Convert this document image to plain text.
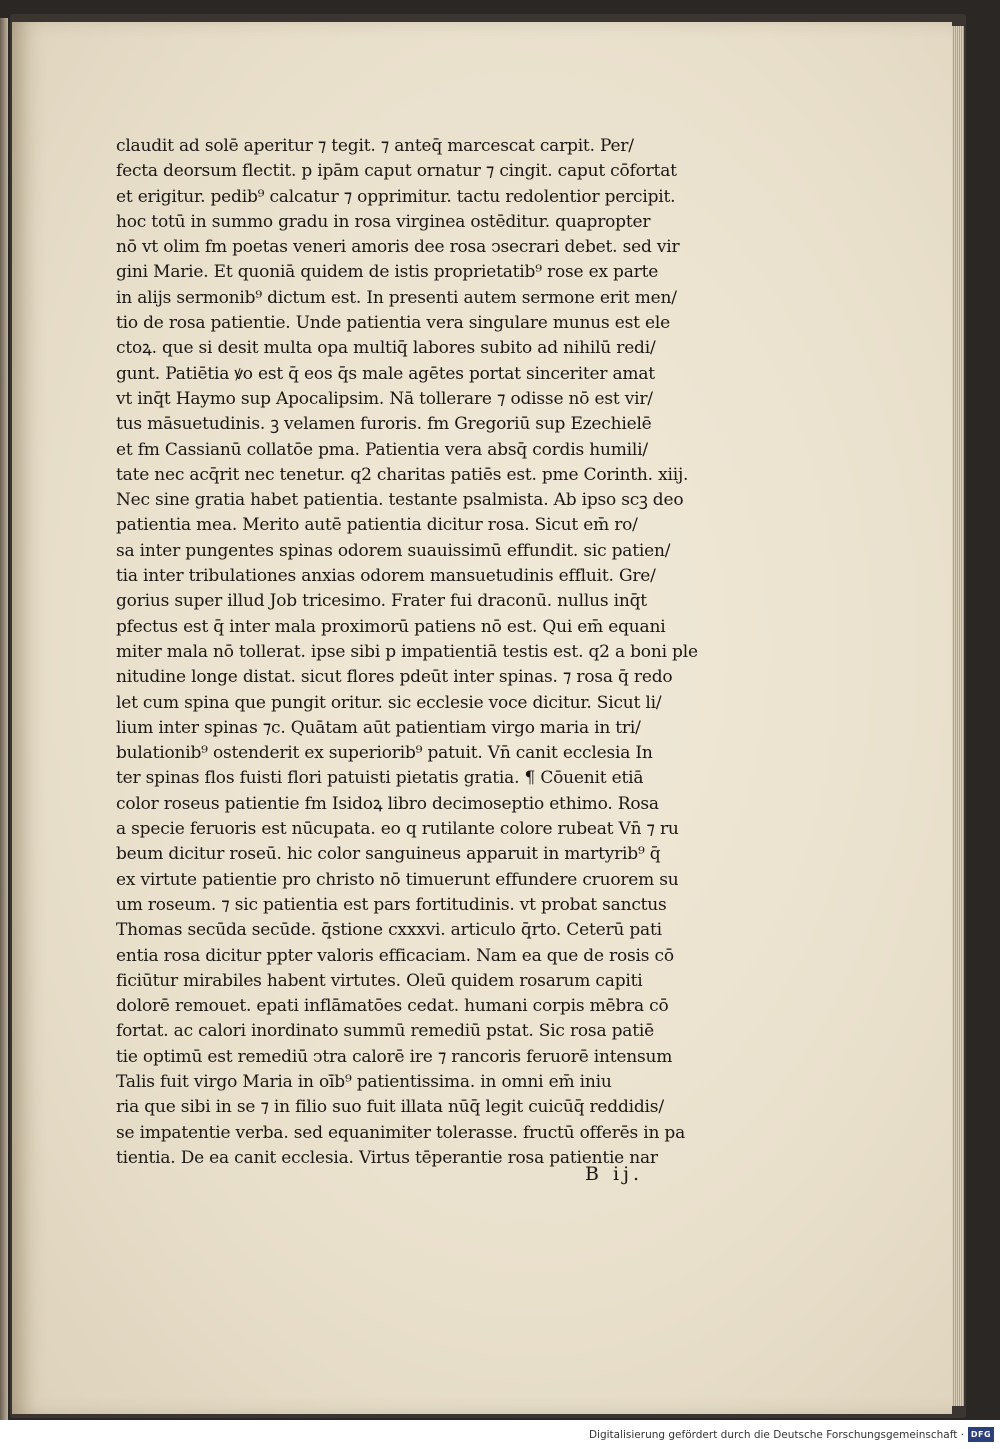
claudit ad solē aperitur ⁊ tegit. ⁊ anteq̄ marcescat carpit. Per/
fecta deorsum flectit. p ipām caput ornatur ⁊ cingit. caput cōfortat
et erigitur. pedib⁹ calcatur ⁊ opprimitur. tactu redolentior percipit.
hoc totū in summo gradu in rosa virginea ostēditur. quapropter
nō vt olim fm poetas veneri amoris dee rosa ↄsecrari debet. sed vir
gini Marie. Et quoniā quidem de istis proprietatib⁹ rose ex parte
in alijs sermonib⁹ dictum est. In presenti autem sermone erit men/
tio de rosa patientie. Unde patientia vera singulare munus est ele
ctoꝝ. que si desit multa opa multiq̄ labores subito ad nihilū redi/
gunt. Patiētia ꝟo est q̄ eos q̄s male agētes portat sinceriter amat
vt inq̄t Haymo sup Apocalipsim. Nā tollerare ⁊ odisse nō est vir/
tus māsuetudinis. ꝫ velamen furoris. fm Gregoriū sup Ezechielē
et fm Cassianū collatōe pma. Patientia vera absq̄ cordis humili/
tate nec acq̄rit nec tenetur. q2 charitas patiēs est. pme Corinth. xiij.
Nec sine gratia habet patientia. testante psalmista. Ab ipso scꝫ deo
patientia mea. Merito autē patientia dicitur rosa. Sicut em̄ ro/
sa inter pungentes spinas odorem suauissimū effundit. sic patien/
tia inter tribulationes anxias odorem mansuetudinis effluit. Gre/
gorius super illud Job tricesimo. Frater fui draconū. nullus inq̄t
pfectus est q̄ inter mala proximorū patiens nō est. Qui em̄ equani
miter mala nō tollerat. ipse sibi p impatientiā testis est. q2 a boni ple
nitudine longe distat. sicut flores pdeūt inter spinas. ⁊ rosa q̄ redo
let cum spina que pungit oritur. sic ecclesie voce dicitur. Sicut li/
lium inter spinas ⁊c. Quātam aūt patientiam virgo maria in tri/
bulationib⁹ ostenderit ex superiorib⁹ patuit. Vn̄ canit ecclesia In
ter spinas flos fuisti flori patuisti pietatis gratia. ¶ Cōuenit etiā
color roseus patientie fm Isidoꝝ libro decimoseptio ethimo. Rosa
a specie feruoris est nūcupata. eo q rutilante colore rubeat Vn̄ ⁊ ru
beum dicitur roseū. hic color sanguineus apparuit in martyrib⁹ q̄
ex virtute patientie pro christo nō timuerunt effundere cruorem su
um roseum. ⁊ sic patientia est pars fortitudinis. vt probat sanctus
Thomas secūda secūde. q̄stione cxxxvi. articulo q̄rto. Ceterū pati
entia rosa dicitur ppter valoris efficaciam. Nam ea que de rosis cō
ficiūtur mirabiles habent virtutes. Oleū quidem rosarum capiti
dolorē remouet. epati inflāmatōes cedat. humani corpis mēbra cō
fortat. ac calori inordinato summū remediū pstat. Sic rosa patiē
tie optimū est remediū ↄtra calorē ire ⁊ rancoris feruorē intensum
Talis fuit virgo Maria in oīb⁹ patientissima. in omni em̄ iniu
ria que sibi in se ⁊ in filio suo fuit illata nūq̄ legit cuicūq̄ reddidis/
se impatentie verba. sed equanimiter tolerasse. fructū offerēs in pa
tientia. De ea canit ecclesia. Virtus tēperantie rosa patientie nar
B ij.
Digitalisierung gefördert durch die Deutsche Forschungsgemeinschaft · DFG
